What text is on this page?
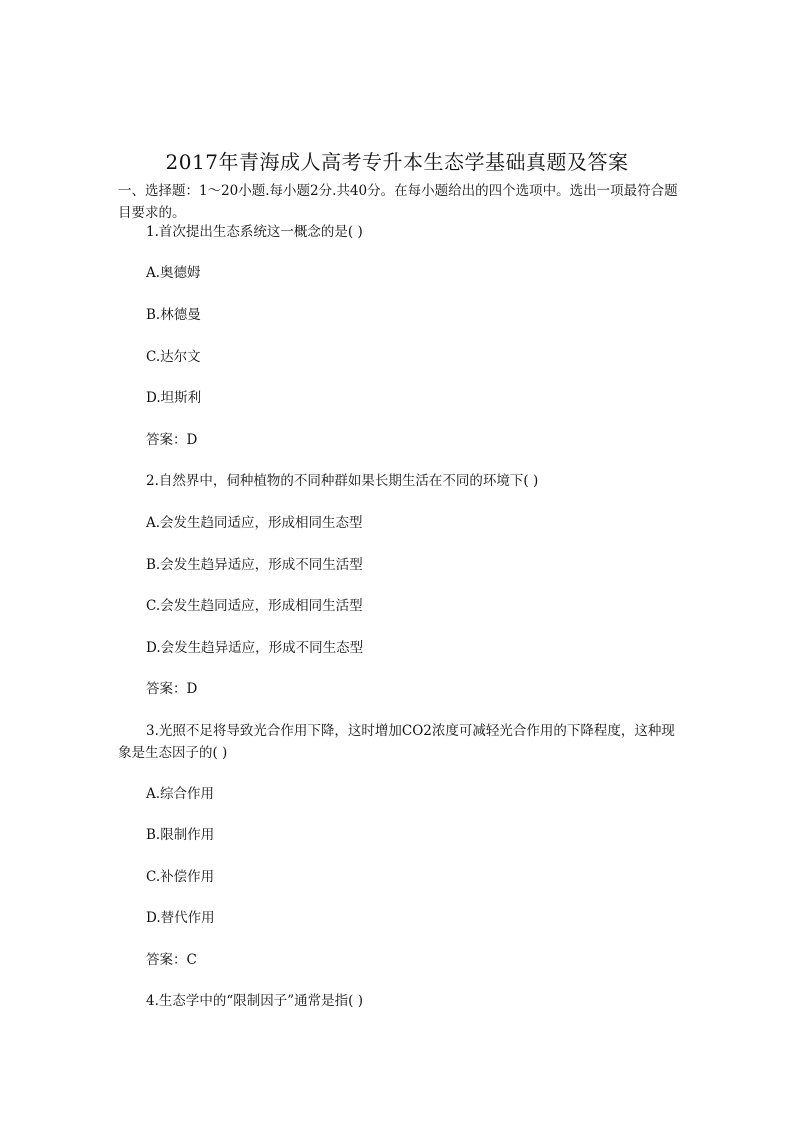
2017年青海成人高考专升本生态学基础真题及答案
一、选择题：1～20小题.每小题2分.共40分。在每小题给出的四个选项中。选出一项最符合题目要求的。
1.首次提出生态系统这一概念的是( )
A.奥德姆
B.林德曼
C.达尔文
D.坦斯利
答案：D
2.自然界中，伺种植物的不同种群如果长期生活在不同的环境下( )
A.会发生趋同适应，形成相同生态型
B.会发生趋异适应，形成不同生活型
C.会发生趋同适应，形成相同生活型
D.会发生趋异适应，形成不同生态型
答案：D
3.光照不足将导致光合作用下降，这时增加CO2浓度可减轻光合作用的下降程度，这种现象是生态因子的( )
A.综合作用
B.限制作用
C.补偿作用
D.替代作用
答案：C
4.生态学中的“限制因子”通常是指( )
